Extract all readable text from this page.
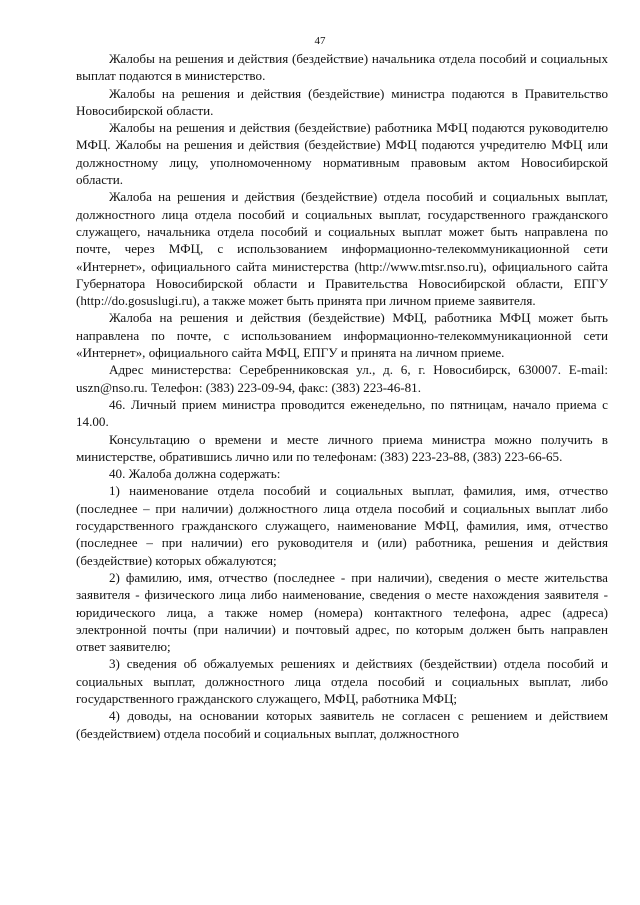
47

Жалобы на решения и действия (бездействие) начальника отдела пособий и социальных выплат подаются в министерство.

Жалобы на решения и действия (бездействие) министра подаются в Правительство Новосибирской области.

Жалобы на решения и действия (бездействие) работника МФЦ подаются руководителю МФЦ. Жалобы на решения и действия (бездействие) МФЦ подаются учредителю МФЦ или должностному лицу, уполномоченному нормативным правовым актом Новосибирской области.

Жалоба на решения и действия (бездействие) отдела пособий и социальных выплат, должностного лица отдела пособий и социальных выплат, государственного гражданского служащего, начальника отдела пособий и социальных выплат может быть направлена по почте, через МФЦ, с использованием информационно-телекоммуникационной сети «Интернет», официального сайта министерства (http://www.mtsr.nso.ru), официального сайта Губернатора Новосибирской области и Правительства Новосибирской области, ЕПГУ (http://do.gosuslugi.ru), а также может быть принята при личном приеме заявителя.

Жалоба на решения и действия (бездействие) МФЦ, работника МФЦ может быть направлена по почте, с использованием информационно-телекоммуникационной сети «Интернет», официального сайта МФЦ, ЕПГУ и принята на личном приеме.

Адрес министерства: Серебренниковская ул., д. 6, г. Новосибирск, 630007. E-mail: uszn@nso.ru. Телефон: (383) 223-09-94, факс: (383) 223-46-81.

46. Личный прием министра проводится еженедельно, по пятницам, начало приема с 14.00.

Консультацию о времени и месте личного приема министра можно получить в министерстве, обратившись лично или по телефонам: (383) 223-23-88, (383) 223-66-65.

40. Жалоба должна содержать:

1) наименование отдела пособий и социальных выплат, фамилия, имя, отчество (последнее – при наличии) должностного лица отдела пособий и социальных выплат либо государственного гражданского служащего, наименование МФЦ, фамилия, имя, отчество (последнее – при наличии) его руководителя и (или) работника, решения и действия (бездействие) которых обжалуются;

2) фамилию, имя, отчество (последнее - при наличии), сведения о месте жительства заявителя - физического лица либо наименование, сведения о месте нахождения заявителя - юридического лица, а также номер (номера) контактного телефона, адрес (адреса) электронной почты (при наличии) и почтовый адрес, по которым должен быть направлен ответ заявителю;

3) сведения об обжалуемых решениях и действиях (бездействии) отдела пособий и социальных выплат, должностного лица отдела пособий и социальных выплат, либо государственного гражданского служащего, МФЦ, работника МФЦ;

4) доводы, на основании которых заявитель не согласен с решением и действием (бездействием) отдела пособий и социальных выплат, должностного
